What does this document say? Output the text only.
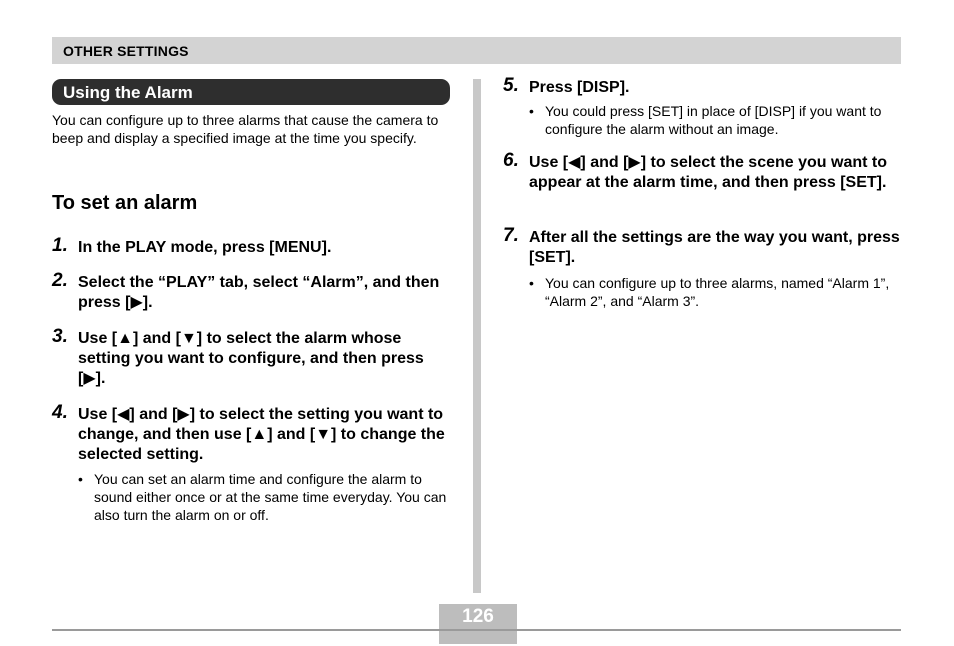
OTHER SETTINGS
Using the Alarm

You can configure up to three alarms that cause the camera to beep and display a specified image at the time you specify.

To set an alarm
1. In the PLAY mode, press [MENU].

2. Select the “PLAY” tab, select “Alarm”, and then press [▶].

3. Use [▲] and [▼] to select the alarm whose setting you want to configure, and then press [▶].

4. Use [◀] and [▶] to select the setting you want to change, and then use [▲] and [▼] to change the selected setting.

• You can set an alarm time and configure the alarm to sound either once or at the same time everyday. You can also turn the alarm on or off.
5. Press [DISP].

• You could press [SET] in place of [DISP] if you want to configure the alarm without an image.
6. Use [◀] and [▶] to select the scene you want to appear at the alarm time, and then press [SET].

7. After all the settings are the way you want, press [SET].

• You can configure up to three alarms, named “Alarm 1”, “Alarm 2”, and “Alarm 3”.
126
